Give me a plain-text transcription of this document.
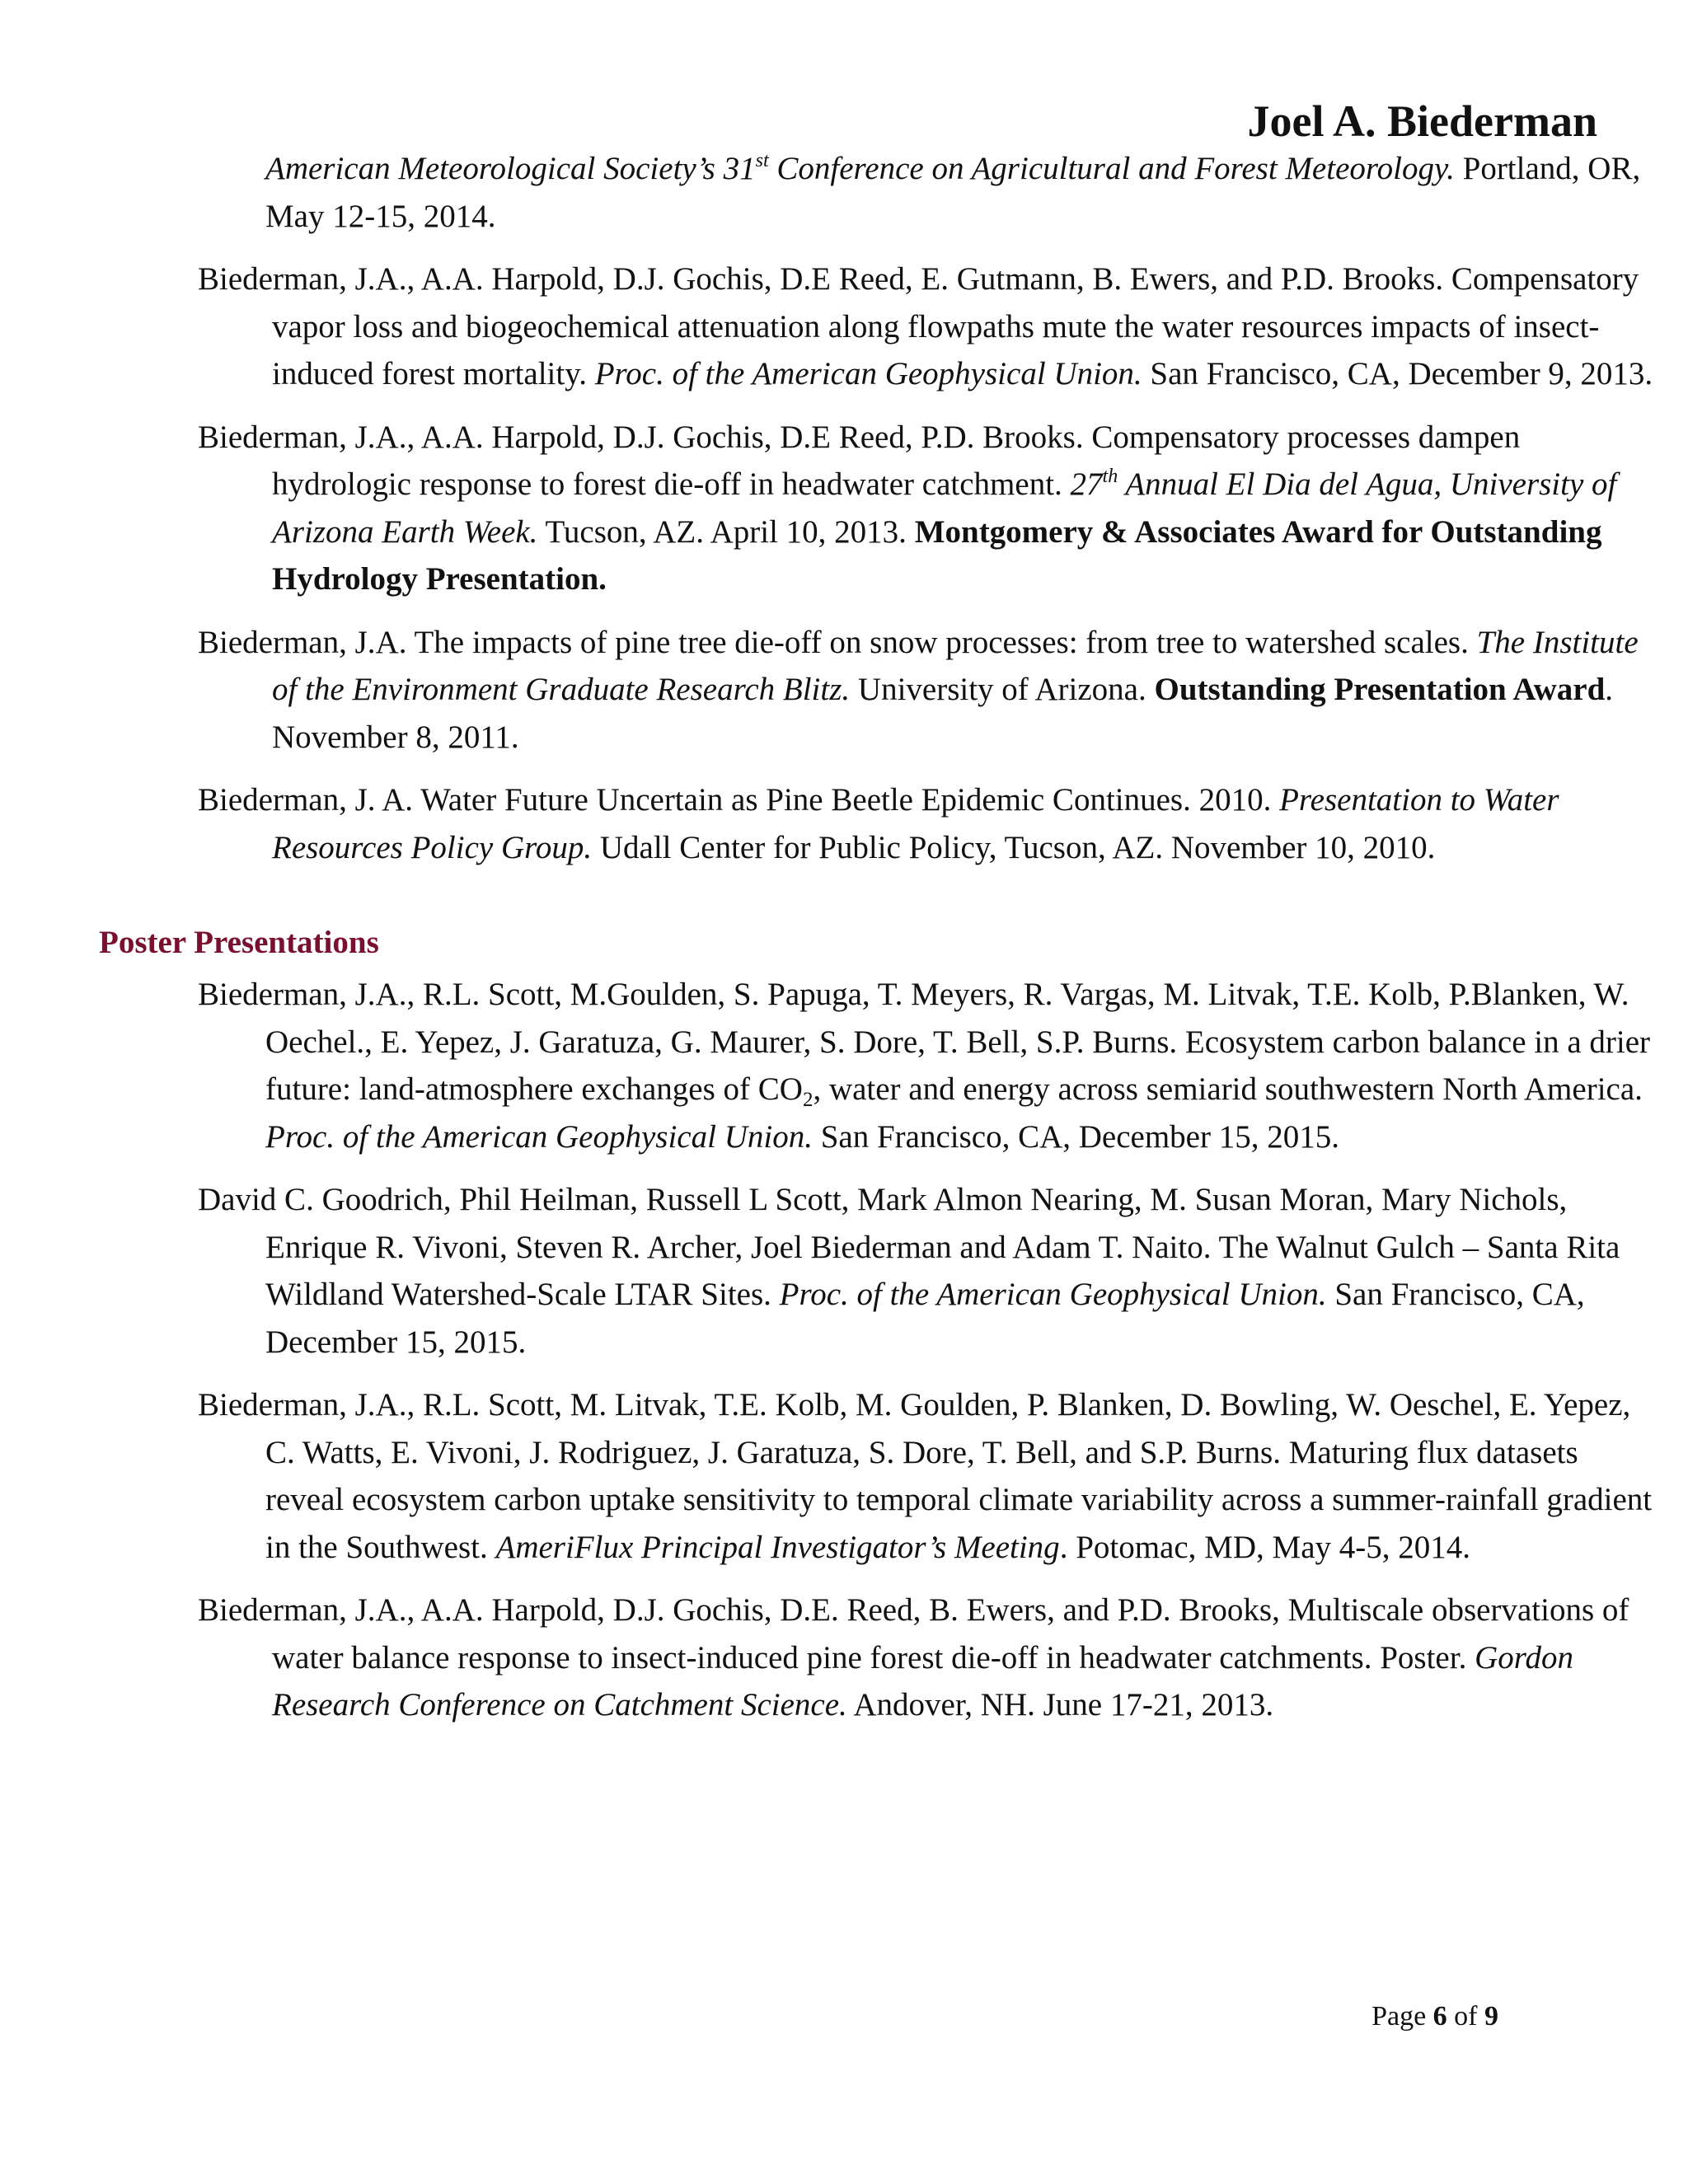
Joel A. Biederman
American Meteorological Society’s 31st Conference on Agricultural and Forest Meteorology. Portland, OR, May 12-15, 2014.
Biederman, J.A., A.A. Harpold, D.J. Gochis, D.E Reed, E. Gutmann, B. Ewers, and P.D. Brooks. Compensatory vapor loss and biogeochemical attenuation along flowpaths mute the water resources impacts of insect-induced forest mortality. Proc. of the American Geophysical Union. San Francisco, CA, December 9, 2013.
Biederman, J.A., A.A. Harpold, D.J. Gochis, D.E Reed, P.D. Brooks. Compensatory processes dampen hydrologic response to forest die-off in headwater catchment. 27th Annual El Dia del Agua, University of Arizona Earth Week. Tucson, AZ. April 10, 2013. Montgomery & Associates Award for Outstanding Hydrology Presentation.
Biederman, J.A. The impacts of pine tree die-off on snow processes: from tree to watershed scales. The Institute of the Environment Graduate Research Blitz. University of Arizona. Outstanding Presentation Award. November 8, 2011.
Biederman, J. A. Water Future Uncertain as Pine Beetle Epidemic Continues. 2010. Presentation to Water Resources Policy Group. Udall Center for Public Policy, Tucson, AZ. November 10, 2010.
Poster Presentations
Biederman, J.A., R.L. Scott, M.Goulden, S. Papuga, T. Meyers, R. Vargas, M. Litvak, T.E. Kolb, P.Blanken, W. Oechel., E. Yepez, J. Garatuza, G. Maurer, S. Dore, T. Bell, S.P. Burns. Ecosystem carbon balance in a drier future: land-atmosphere exchanges of $CO_2$, water and energy across semiarid southwestern North America. Proc. of the American Geophysical Union. San Francisco, CA, December 15, 2015.
David C. Goodrich, Phil Heilman, Russell L Scott, Mark Almon Nearing, M. Susan Moran, Mary Nichols, Enrique R. Vivoni, Steven R. Archer, Joel Biederman and Adam T. Naito. The Walnut Gulch – Santa Rita Wildland Watershed-Scale LTAR Sites. Proc. of the American Geophysical Union. San Francisco, CA, December 15, 2015.
Biederman, J.A., R.L. Scott, M. Litvak, T.E. Kolb, M. Goulden, P. Blanken, D. Bowling, W. Oeschel, E. Yepez, C. Watts, E. Vivoni, J. Rodriguez, J. Garatuza, S. Dore, T. Bell, and S.P. Burns. Maturing flux datasets reveal ecosystem carbon uptake sensitivity to temporal climate variability across a summer-rainfall gradient in the Southwest. AmeriFlux Principal Investigator’s Meeting. Potomac, MD, May 4-5, 2014.
Biederman, J.A., A.A. Harpold, D.J. Gochis, D.E. Reed, B. Ewers, and P.D. Brooks, Multiscale observations of water balance response to insect-induced pine forest die-off in headwater catchments. Poster. Gordon Research Conference on Catchment Science. Andover, NH. June 17-21, 2013.
Page 6 of 9
